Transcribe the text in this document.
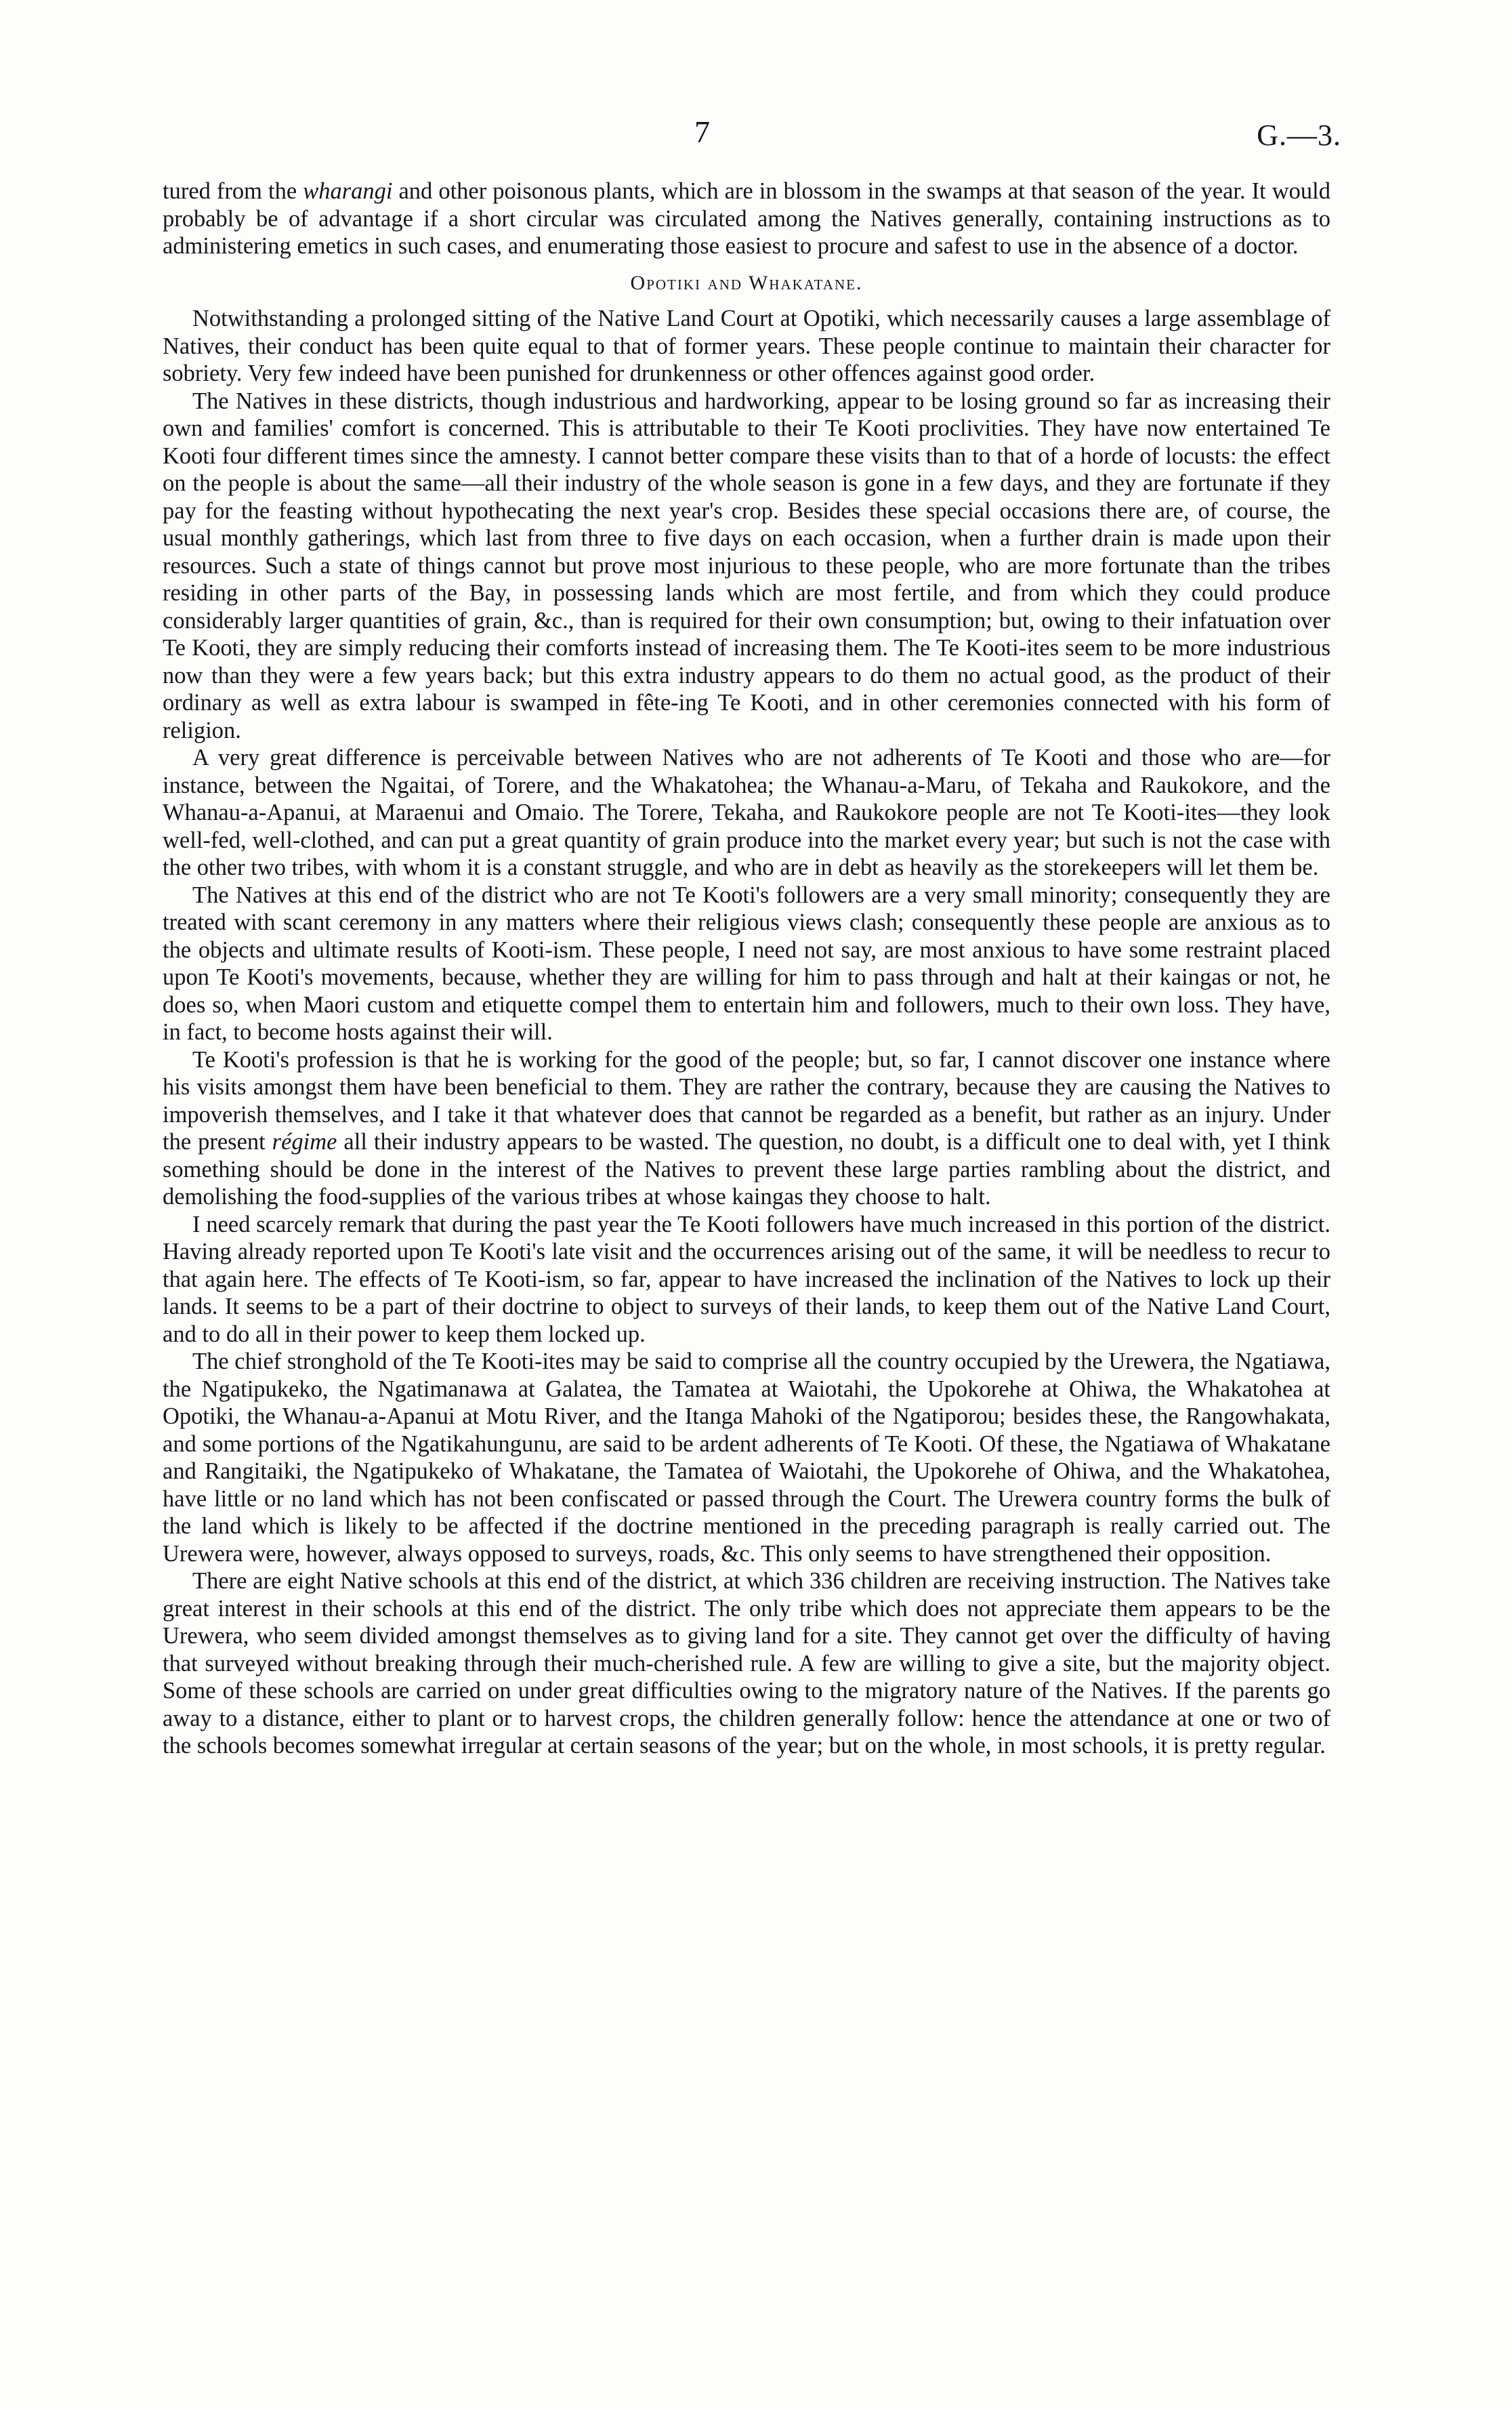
7	G.—3.

tured from the wharangi and other poisonous plants, which are in blossom in the swamps at that season of the year. It would probably be of advantage if a short circular was circulated among the Natives generally, containing instructions as to administering emetics in such cases, and enumerating those easiest to procure and safest to use in the absence of a doctor.

Opotiki and Whakatane.

Notwithstanding a prolonged sitting of the Native Land Court at Opotiki, which necessarily causes a large assemblage of Natives, their conduct has been quite equal to that of former years. These people continue to maintain their character for sobriety. Very few indeed have been punished for drunkenness or other offences against good order.

The Natives in these districts, though industrious and hardworking, appear to be losing ground so far as increasing their own and families' comfort is concerned. This is attributable to their Te Kooti proclivities. They have now entertained Te Kooti four different times since the amnesty. I cannot better compare these visits than to that of a horde of locusts: the effect on the people is about the same—all their industry of the whole season is gone in a few days, and they are fortunate if they pay for the feasting without hypothecating the next year's crop. Besides these special occasions there are, of course, the usual monthly gatherings, which last from three to five days on each occasion, when a further drain is made upon their resources. Such a state of things cannot but prove most injurious to these people, who are more fortunate than the tribes residing in other parts of the Bay, in possessing lands which are most fertile, and from which they could produce considerably larger quantities of grain, &c., than is required for their own consumption; but, owing to their infatuation over Te Kooti, they are simply reducing their comforts instead of increasing them. The Te Kooti-ites seem to be more industrious now than they were a few years back; but this extra industry appears to do them no actual good, as the product of their ordinary as well as extra labour is swamped in fête-ing Te Kooti, and in other ceremonies connected with his form of religion.

A very great difference is perceivable between Natives who are not adherents of Te Kooti and those who are—for instance, between the Ngaitai, of Torere, and the Whakatohea; the Whanau-a-Maru, of Tekaha and Raukokore, and the Whanau-a-Apanui, at Maraenui and Omaio. The Torere, Tekaha, and Raukokore people are not Te Kooti-ites—they look well-fed, well-clothed, and can put a great quantity of grain produce into the market every year; but such is not the case with the other two tribes, with whom it is a constant struggle, and who are in debt as heavily as the storekeepers will let them be.

The Natives at this end of the district who are not Te Kooti's followers are a very small minority; consequently they are treated with scant ceremony in any matters where their religious views clash; consequently these people are anxious as to the objects and ultimate results of Kooti-ism. These people, I need not say, are most anxious to have some restraint placed upon Te Kooti's movements, because, whether they are willing for him to pass through and halt at their kaingas or not, he does so, when Maori custom and etiquette compel them to entertain him and followers, much to their own loss. They have, in fact, to become hosts against their will.

Te Kooti's profession is that he is working for the good of the people; but, so far, I cannot discover one instance where his visits amongst them have been beneficial to them. They are rather the contrary, because they are causing the Natives to impoverish themselves, and I take it that whatever does that cannot be regarded as a benefit, but rather as an injury. Under the present régime all their industry appears to be wasted. The question, no doubt, is a difficult one to deal with, yet I think something should be done in the interest of the Natives to prevent these large parties rambling about the district, and demolishing the food-supplies of the various tribes at whose kaingas they choose to halt.

I need scarcely remark that during the past year the Te Kooti followers have much increased in this portion of the district. Having already reported upon Te Kooti's late visit and the occurrences arising out of the same, it will be needless to recur to that again here. The effects of Te Kooti-ism, so far, appear to have increased the inclination of the Natives to lock up their lands. It seems to be a part of their doctrine to object to surveys of their lands, to keep them out of the Native Land Court, and to do all in their power to keep them locked up.

The chief stronghold of the Te Kooti-ites may be said to comprise all the country occupied by the Urewera, the Ngatiawa, the Ngatipukeko, the Ngatimanawa at Galatea, the Tamatea at Waiotahi, the Upokorehe at Ohiwa, the Whakatohea at Opotiki, the Whanau-a-Apanui at Motu River, and the Itanga Mahoki of the Ngatiporou; besides these, the Rangowhakata, and some portions of the Ngatikahungunu, are said to be ardent adherents of Te Kooti. Of these, the Ngatiawa of Whakatane and Rangitaiki, the Ngatipukeko of Whakatane, the Tamatea of Waiotahi, the Upokorehe of Ohiwa, and the Whakatohea, have little or no land which has not been confiscated or passed through the Court. The Urewera country forms the bulk of the land which is likely to be affected if the doctrine mentioned in the preceding paragraph is really carried out. The Urewera were, however, always opposed to surveys, roads, &c. This only seems to have strengthened their opposition.

There are eight Native schools at this end of the district, at which 336 children are receiving instruction. The Natives take great interest in their schools at this end of the district. The only tribe which does not appreciate them appears to be the Urewera, who seem divided amongst themselves as to giving land for a site. They cannot get over the difficulty of having that surveyed without breaking through their much-cherished rule. A few are willing to give a site, but the majority object. Some of these schools are carried on under great difficulties owing to the migratory nature of the Natives. If the parents go away to a distance, either to plant or to harvest crops, the children generally follow: hence the attendance at one or two of the schools becomes somewhat irregular at certain seasons of the year; but on the whole, in most schools, it is pretty regular.
